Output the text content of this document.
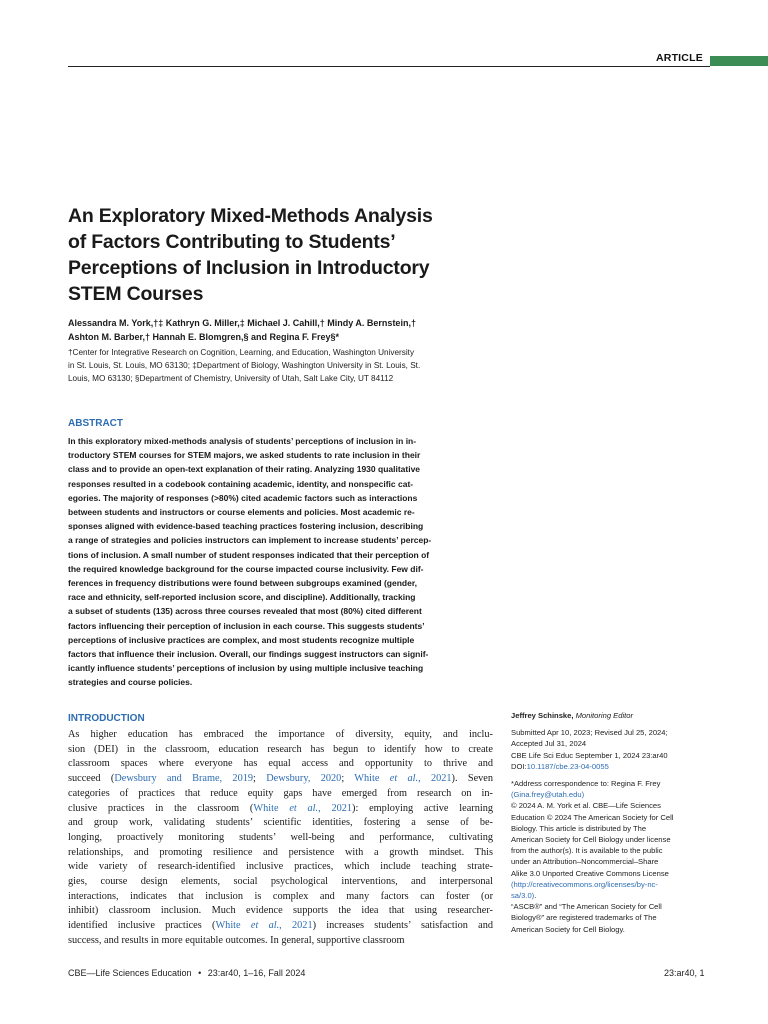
ARTICLE
An Exploratory Mixed-Methods Analysis
of Factors Contributing to Students’
Perceptions of Inclusion in Introductory
STEM Courses
Alessandra M. York,†‡ Kathryn G. Miller,‡ Michael J. Cahill,† Mindy A. Bernstein,†
Ashton M. Barber,† Hannah E. Blomgren,§ and Regina F. Frey§*
†Center for Integrative Research on Cognition, Learning, and Education, Washington University
in St. Louis, St. Louis, MO 63130; ‡Department of Biology, Washington University in St. Louis, St.
Louis, MO 63130; §Department of Chemistry, University of Utah, Salt Lake City, UT 84112
ABSTRACT
In this exploratory mixed-methods analysis of students’ perceptions of inclusion in in-
troductory STEM courses for STEM majors, we asked students to rate inclusion in their
class and to provide an open-text explanation of their rating. Analyzing 1930 qualitative
responses resulted in a codebook containing academic, identity, and nonspecific cat-
egories. The majority of responses (>80%) cited academic factors such as interactions
between students and instructors or course elements and policies. Most academic re-
sponses aligned with evidence-based teaching practices fostering inclusion, describing
a range of strategies and policies instructors can implement to increase students’ percep-
tions of inclusion. A small number of student responses indicated that their perception of
the required knowledge background for the course impacted course inclusivity. Few dif-
ferences in frequency distributions were found between subgroups examined (gender,
race and ethnicity, self-reported inclusion score, and discipline). Additionally, tracking
a subset of students (135) across three courses revealed that most (80%) cited different
factors influencing their perception of inclusion in each course. This suggests students’
perceptions of inclusive practices are complex, and most students recognize multiple
factors that influence their inclusion. Overall, our findings suggest instructors can signif-
icantly influence students’ perceptions of inclusion by using multiple inclusive teaching
strategies and course policies.
INTRODUCTION
As higher education has embraced the importance of diversity, equity, and inclu-
sion (DEI) in the classroom, education research has begun to identify how to create
classroom spaces where everyone has equal access and opportunity to thrive and
succeed (Dewsbury and Brame, 2019; Dewsbury, 2020; White et al., 2021). Seven
categories of practices that reduce equity gaps have emerged from research on in-
clusive practices in the classroom (White et al., 2021): employing active learning
and group work, validating students’ scientific identities, fostering a sense of be-
longing, proactively monitoring students’ well-being and performance, cultivating
relationships, and promoting resilience and persistence with a growth mindset. This
wide variety of research-identified inclusive practices, which include teaching strate-
gies, course design elements, social psychological interventions, and interpersonal
interactions, indicates that inclusion is complex and many factors can foster (or
inhibit) classroom inclusion. Much evidence supports the idea that using researcher-
identified inclusive practices (White et al., 2021) increases students’ satisfaction and
success, and results in more equitable outcomes. In general, supportive classroom
Jeffrey Schinske, Monitoring Editor
Submitted Apr 10, 2023; Revised Jul 25, 2024;
Accepted Jul 31, 2024
CBE Life Sci Educ September 1, 2024 23:ar40
DOI:10.1187/cbe.23-04-0055
*Address correspondence to: Regina F. Frey
(Gina.frey@utah.edu)
© 2024 A. M. York et al. CBE—Life Sciences
Education © 2024 The American Society for Cell
Biology. This article is distributed by The
American Society for Cell Biology under license
from the author(s). It is available to the public
under an Attribution–Noncommercial–Share
Alike 3.0 Unported Creative Commons License
(http://creativecommons.org/licenses/by-nc-
sa/3.0).
“ASCB®” and “The American Society for Cell
Biology®” are registered trademarks of The
American Society for Cell Biology.
CBE—Life Sciences Education • 23:ar40, 1–16, Fall 2024	23:ar40, 1
